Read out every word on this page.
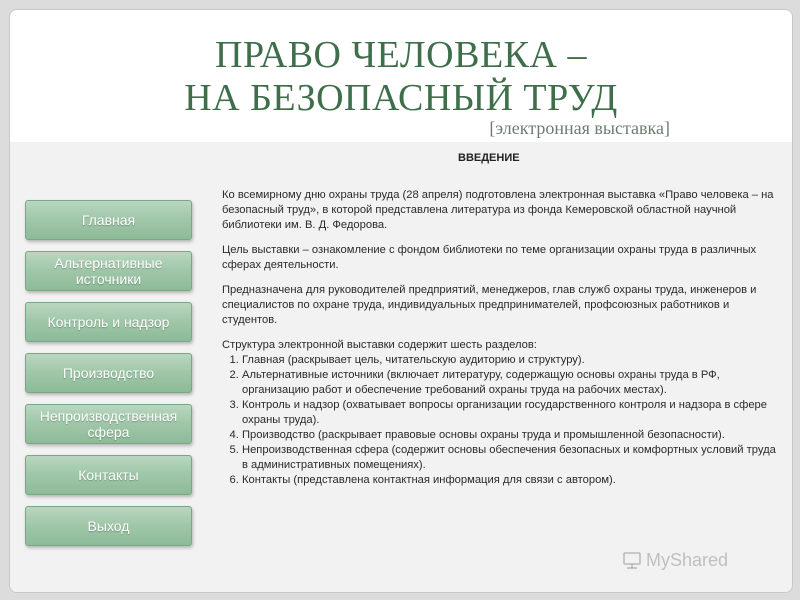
ПРАВО ЧЕЛОВЕКА –
НА БЕЗОПАСНЫЙ ТРУД
[электронная выставка]
ВВЕДЕНИЕ
Главная
Альтернативные источники
Контроль и надзор
Производство
Непроизводственная сфера
Контакты
Выход

Ко всемирному дню охраны труда (28 апреля) подготовлена электронная выставка «Право человека – на безопасный труд», в которой представлена литература из фонда Кемеровской областной научной библиотеки им. В. Д. Федорова.

Цель выставки – ознакомление с фондом библиотеки по теме организации охраны труда в различных сферах деятельности.

Предназначена для руководителей предприятий, менеджеров, глав служб охраны труда, инженеров и специалистов по охране труда, индивидуальных предпринимателей, профсоюзных работников и студентов.

Структура электронной выставки содержит шесть разделов:
1. Главная (раскрывает цель, читательскую аудиторию и структуру).
2. Альтернативные источники (включает литературу, содержащую основы охраны труда в РФ, организацию работ и обеспечение требований охраны труда на рабочих местах).
3. Контроль и надзор (охватывает вопросы организации государственного контроля и надзора в сфере охраны труда).
4. Производство (раскрывает правовые основы охраны труда и промышленной безопасности).
5. Непроизводственная сфера (содержит основы обеспечения безопасных и комфортных условий труда в административных помещениях).
6. Контакты (представлена контактная информация для связи с автором).
MyShared
